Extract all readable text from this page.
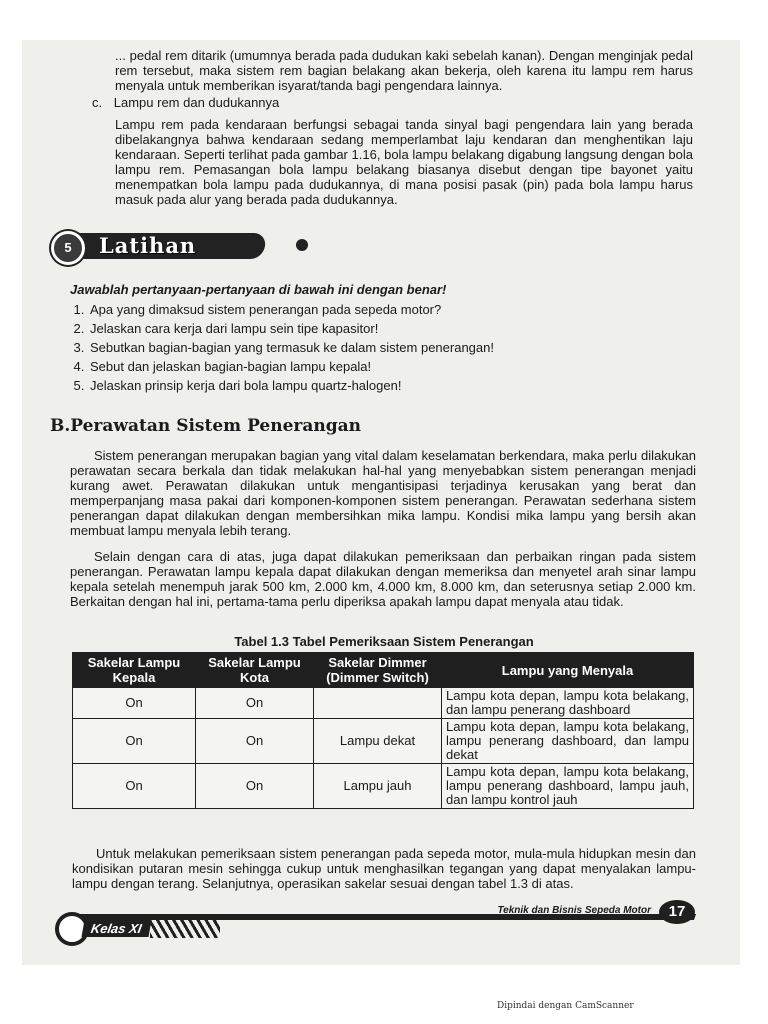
... pedal rem ditarik (umumnya berada pada dudukan kaki sebelah kanan). Dengan menginjak pedal rem tersebut, maka sistem rem bagian belakang akan bekerja, oleh karena itu lampu rem harus menyala untuk memberikan isyarat/tanda bagi pengendara lainnya.
c. Lampu rem dan dudukannya
Lampu rem pada kendaraan berfungsi sebagai tanda sinyal bagi pengendara lain yang berada dibelakangnya bahwa kendaraan sedang memperlambat laju kendaran dan menghentikan laju kendaraan. Seperti terlihat pada gambar 1.16, bola lampu belakang digabung langsung dengan bola lampu rem. Pemasangan bola lampu belakang biasanya disebut dengan tipe bayonet yaitu menempatkan bola lampu pada dudukannya, di mana posisi pasak (pin) pada bola lampu harus masuk pada alur yang berada pada dudukannya.
5	Latihan
Jawablah pertanyaan-pertanyaan di bawah ini dengan benar!
1. Apa yang dimaksud sistem penerangan pada sepeda motor?
2. Jelaskan cara kerja dari lampu sein tipe kapasitor!
3. Sebutkan bagian-bagian yang termasuk ke dalam sistem penerangan!
4. Sebut dan jelaskan bagian-bagian lampu kepala!
5. Jelaskan prinsip kerja dari bola lampu quartz-halogen!
B.Perawatan Sistem Penerangan
Sistem penerangan merupakan bagian yang vital dalam keselamatan berkendara, maka perlu dilakukan perawatan secara berkala dan tidak melakukan hal-hal yang menyebabkan sistem penerangan menjadi kurang awet. Perawatan dilakukan untuk mengantisipasi terjadinya kerusakan yang berat dan memperpanjang masa pakai dari komponen-komponen sistem penerangan. Perawatan sederhana sistem penerangan dapat dilakukan dengan membersihkan mika lampu. Kondisi mika lampu yang bersih akan membuat lampu menyala lebih terang.
Selain dengan cara di atas, juga dapat dilakukan pemeriksaan dan perbaikan ringan pada sistem penerangan. Perawatan lampu kepala dapat dilakukan dengan memeriksa dan menyetel arah sinar lampu kepala setelah menempuh jarak 500 km, 2.000 km, 4.000 km, 8.000 km, dan seterusnya setiap 2.000 km. Berkaitan dengan hal ini, pertama-tama perlu diperiksa apakah lampu dapat menyala atau tidak.
Tabel 1.3 Tabel Pemeriksaan Sistem Penerangan
Sakelar Lampu Kepala	Sakelar Lampu Kota	Sakelar Dimmer (Dimmer Switch)	Lampu yang Menyala
On	On		Lampu kota depan, lampu kota belakang, dan lampu penerang dashboard
On	On	Lampu dekat	Lampu kota depan, lampu kota belakang, lampu penerang dashboard, dan lampu dekat
On	On	Lampu jauh	Lampu kota depan, lampu kota belakang, lampu penerang dashboard, lampu jauh, dan lampu kontrol jauh
Untuk melakukan pemeriksaan sistem penerangan pada sepeda motor, mula-mula hidupkan mesin dan kondisikan putaran mesin sehingga cukup untuk menghasilkan tegangan yang dapat menyalakan lampu-lampu dengan terang. Selanjutnya, operasikan sakelar sesuai dengan tabel 1.3 di atas.
Kelas XI
Teknik dan Bisnis Sepeda Motor	17
Dipindai dengan CamScanner
